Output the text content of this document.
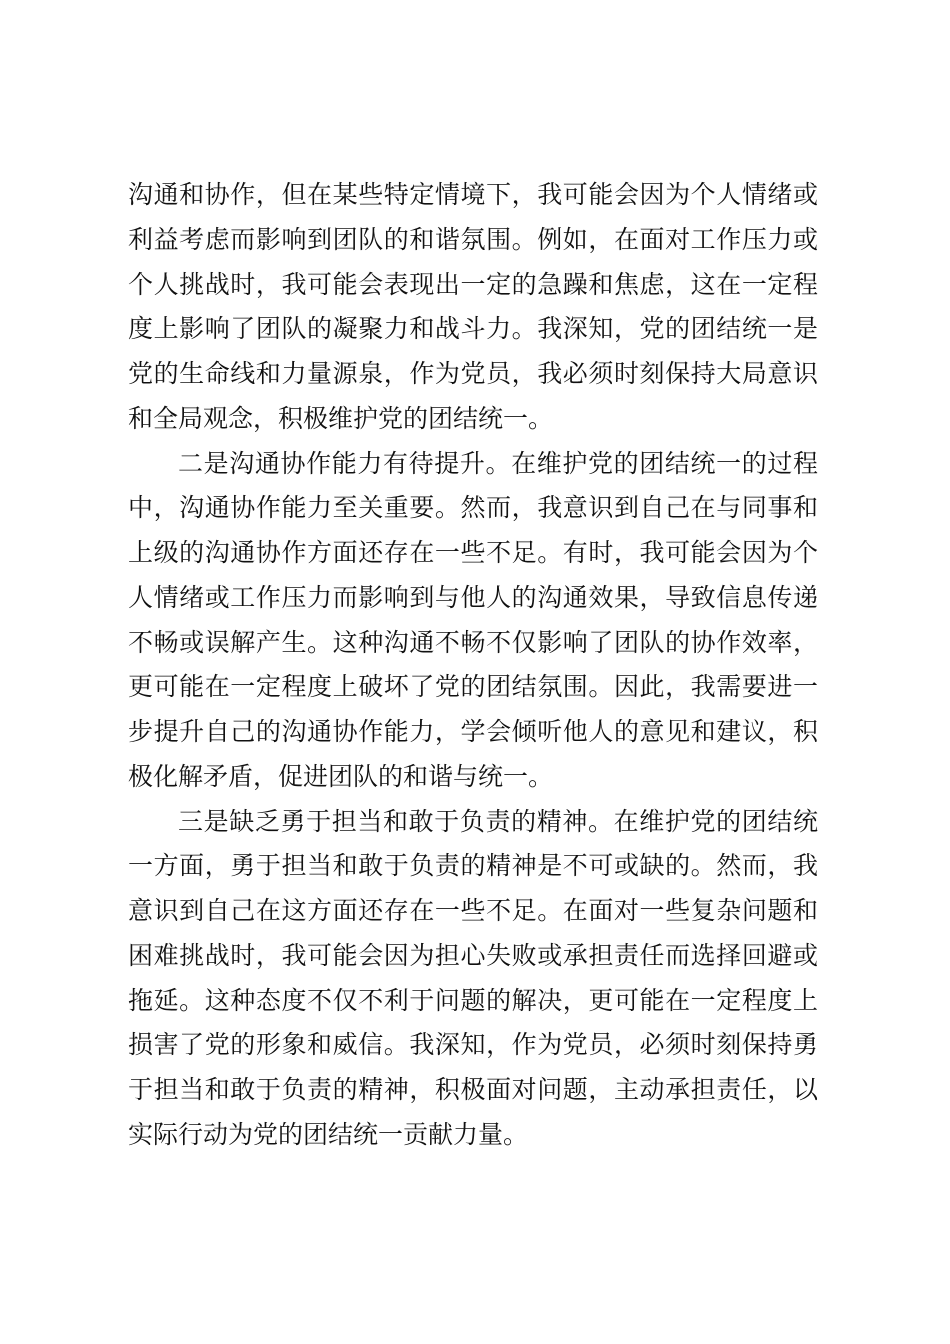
沟通和协作，但在某些特定情境下，我可能会因为个人情绪或
利益考虑而影响到团队的和谐氛围。例如，在面对工作压力或
个人挑战时，我可能会表现出一定的急躁和焦虑，这在一定程
度上影响了团队的凝聚力和战斗力。我深知，党的团结统一是
党的生命线和力量源泉，作为党员，我必须时刻保持大局意识
和全局观念，积极维护党的团结统一。
二是沟通协作能力有待提升。在维护党的团结统一的过程
中，沟通协作能力至关重要。然而，我意识到自己在与同事和
上级的沟通协作方面还存在一些不足。有时，我可能会因为个
人情绪或工作压力而影响到与他人的沟通效果，导致信息传递
不畅或误解产生。这种沟通不畅不仅影响了团队的协作效率，
更可能在一定程度上破坏了党的团结氛围。因此，我需要进一
步提升自己的沟通协作能力，学会倾听他人的意见和建议，积
极化解矛盾，促进团队的和谐与统一。
三是缺乏勇于担当和敢于负责的精神。在维护党的团结统
一方面，勇于担当和敢于负责的精神是不可或缺的。然而，我
意识到自己在这方面还存在一些不足。在面对一些复杂问题和
困难挑战时，我可能会因为担心失败或承担责任而选择回避或
拖延。这种态度不仅不利于问题的解决，更可能在一定程度上
损害了党的形象和威信。我深知，作为党员，必须时刻保持勇
于担当和敢于负责的精神，积极面对问题，主动承担责任，以
实际行动为党的团结统一贡献力量。
